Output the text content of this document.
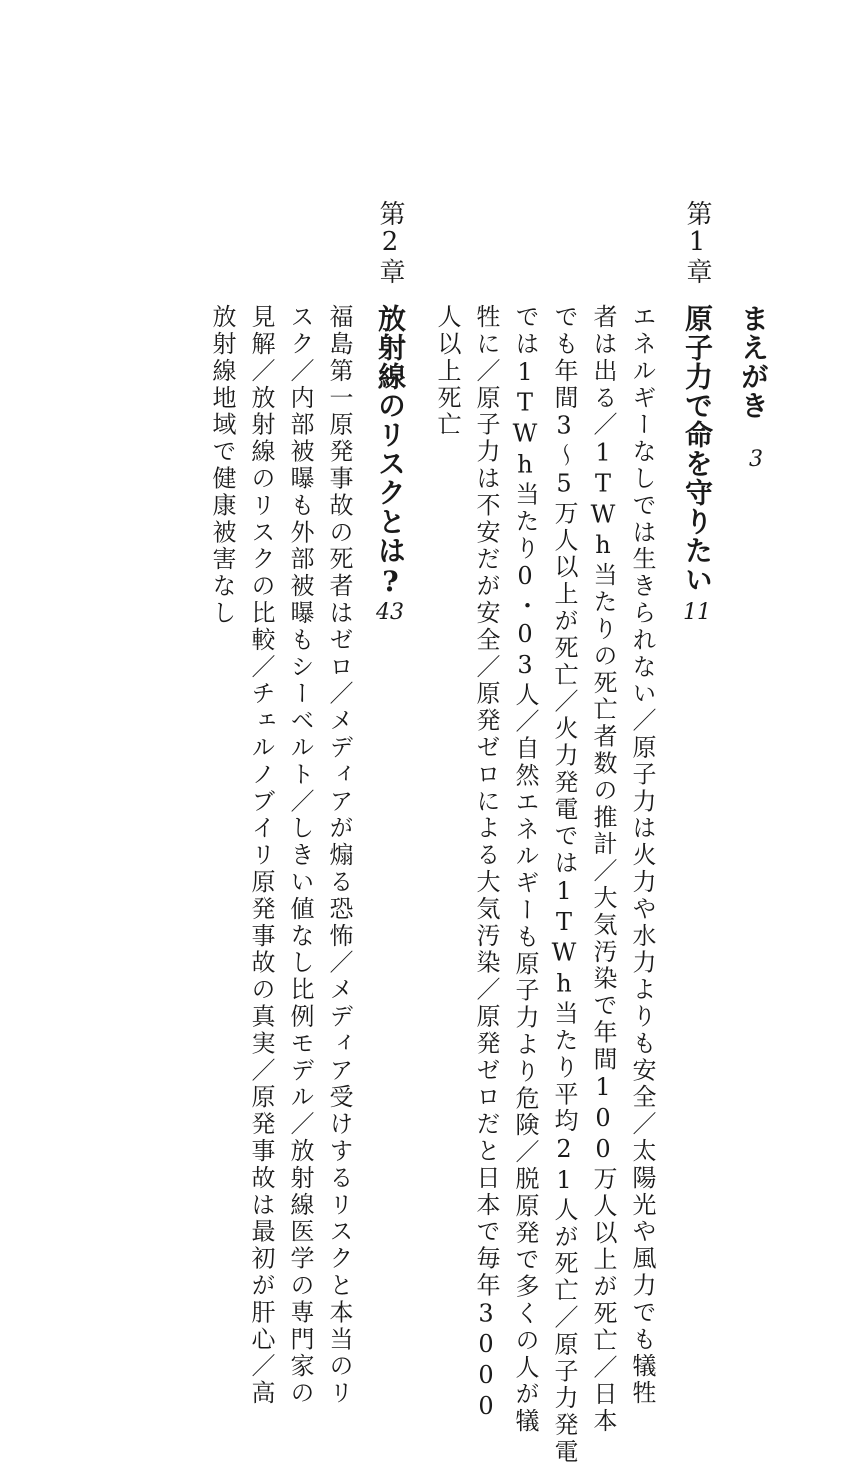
まえがき
3
第1章
原子力で命を守りたい
11
エネルギーなしでは生きられない／原子力は火力や水力よりも安全／太陽光や風力でも犠牲
者は出る／1TWh当たりの死亡者数の推計／大気汚染で年間100万人以上が死亡／日本
でも年間3〜5万人以上が死亡／火力発電では1TWh当たり平均21人が死亡／原子力発電
では1TWh当たり0・03人／自然エネルギーも原子力より危険／脱原発で多くの人が犠
牲に／原子力は不安だが安全／原発ゼロによる大気汚染／原発ゼロだと日本で毎年3000
人以上死亡
第2章
放射線のリスクとは?
43
福島第一原発事故の死者はゼロ／メディアが煽る恐怖／メディア受けするリスクと本当のリ
スク／内部被曝も外部被曝もシーベルト／しきい値なし比例モデル／放射線医学の専門家の
見解／放射線のリスクの比較／チェルノブイリ原発事故の真実／原発事故は最初が肝心／高
放射線地域で健康被害なし
